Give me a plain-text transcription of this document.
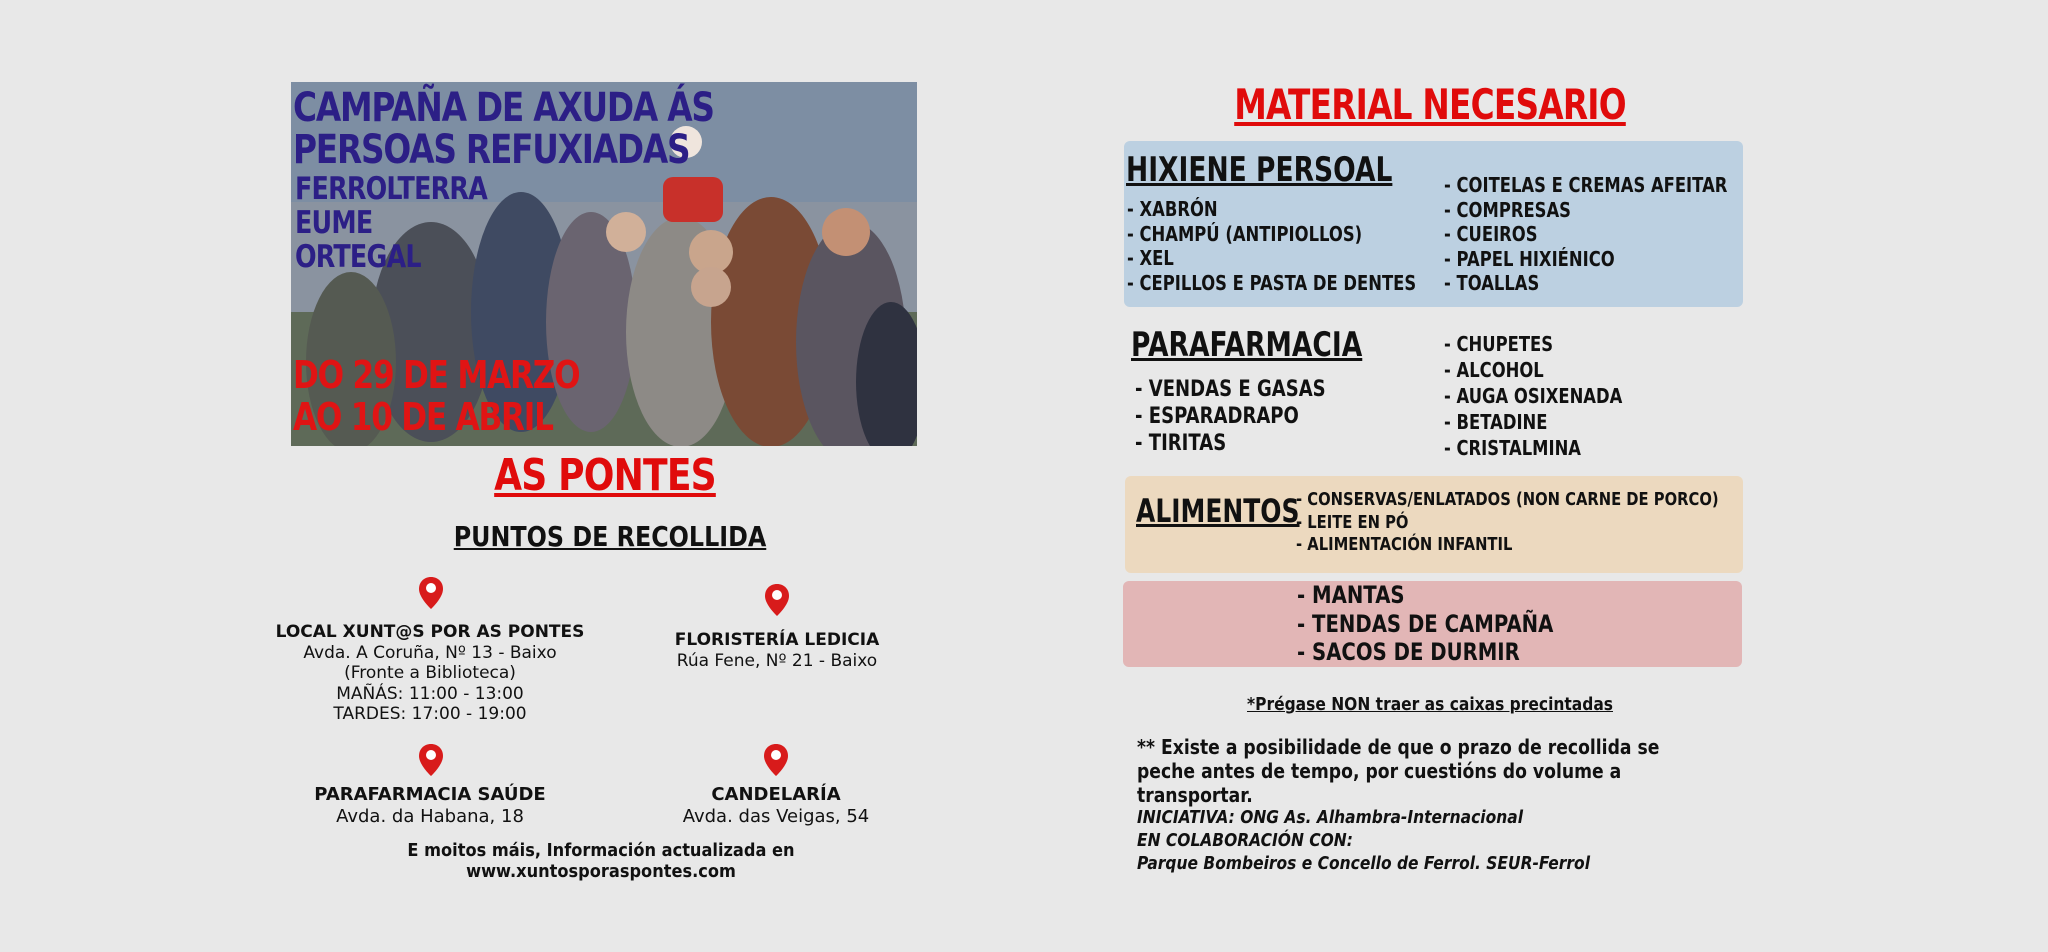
CAMPAÑA DE AXUDA ÁS
PERSOAS REFUXIADAS
FERROLTERRA
EUME
ORTEGAL
DO 29 DE MARZO
AO 10 DE ABRIL
AS PONTES
PUNTOS DE RECOLLIDA
LOCAL XUNT@S POR AS PONTES
Avda. A Coruña, Nº 13 - Baixo
(Fronte a Biblioteca)
MAÑÁS: 11:00 - 13:00
TARDES: 17:00 - 19:00
FLORISTERÍA LEDICIA
Rúa Fene, Nº 21 - Baixo
PARAFARMACIA SAÚDE
Avda. da Habana, 18
CANDELARÍA
Avda. das Veigas, 54
E moitos máis, Información actualizada en www.xuntosporaspontes.com
MATERIAL NECESARIO
HIXIENE PERSOAL
- XABRÓN
- CHAMPÚ (ANTIPIOLLOS)
- XEL
- CEPILLOS E PASTA DE DENTES
- COITELAS E CREMAS AFEITAR
- COMPRESAS
- CUEIROS
- PAPEL HIXIÉNICO
- TOALLAS
PARAFARMACIA
- VENDAS E GASAS
- ESPARADRAPO
- TIRITAS
- CHUPETES
- ALCOHOL
- AUGA OSIXENADA
- BETADINE
- CRISTALMINA
ALIMENTOS
- CONSERVAS/ENLATADOS (NON CARNE DE PORCO)
- LEITE EN PÓ
- ALIMENTACIÓN INFANTIL
- MANTAS
- TENDAS DE CAMPAÑA
- SACOS DE DURMIR
*Prégase NON traer as caixas precintadas
** Existe a posibilidade de que o prazo de recollida se peche antes de tempo, por cuestións do volume a transportar.
INICIATIVA: ONG As. Alhambra-Internacional
EN COLABORACIÓN CON:
Parque Bombeiros e Concello de Ferrol. SEUR-Ferrol
